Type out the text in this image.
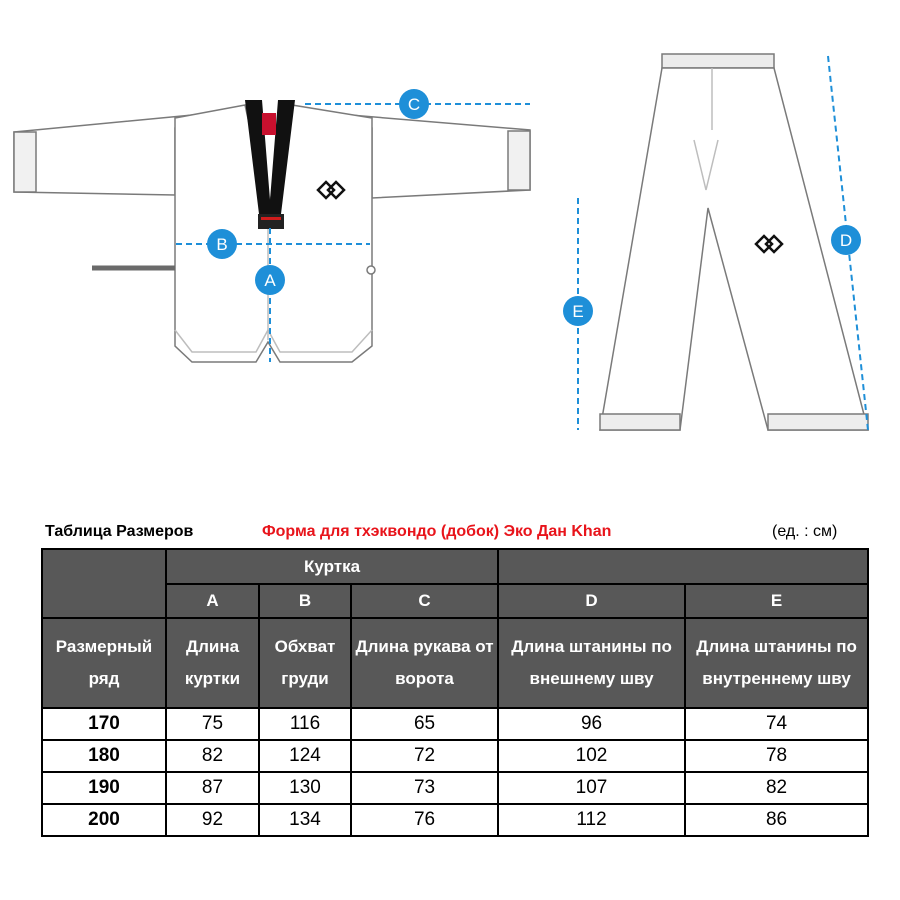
C
B
A
D
E
Таблица Размеров	Форма для тхэквондо (добок) Эко Дан Khan	(ед. : см)
	Куртка				
	A	B	C	D	E
Размерный ряд	Длина куртки	Обхват груди	Длина рукава от ворота	Длина штанины по внешнему шву	Длина штанины по внутреннему шву
170	75	116	65	96	74
180	82	124	72	102	78
190	87	130	73	107	82
200	92	134	76	112	86
